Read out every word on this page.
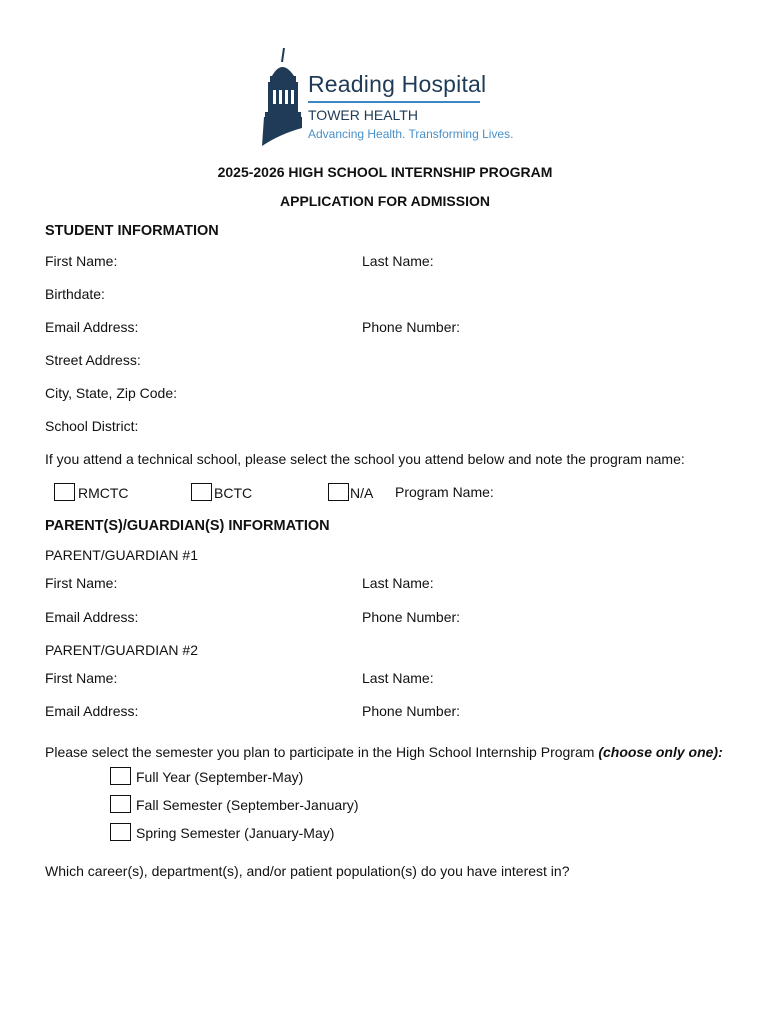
Reading Hospital
TOWER HEALTH
Advancing Health. Transforming Lives.
2025-2026 HIGH SCHOOL INTERNSHIP PROGRAM
APPLICATION FOR ADMISSION
STUDENT INFORMATION
First Name:	Last Name:
Birthdate:
Email Address:	Phone Number:
Street Address:
City, State, Zip Code:
School District:
If you attend a technical school, please select the school you attend below and note the program name:
RMCTC	BCTC	N/A Program Name:
PARENT(S)/GUARDIAN(S) INFORMATION
PARENT/GUARDIAN #1
First Name:	Last Name:
Email Address:	Phone Number:
PARENT/GUARDIAN #2
First Name:	Last Name:
Email Address:	Phone Number:
Please select the semester you plan to participate in the High School Internship Program (choose only one):
Full Year (September-May)
Fall Semester (September-January)
Spring Semester (January-May)
Which career(s), department(s), and/or patient population(s) do you have interest in?
